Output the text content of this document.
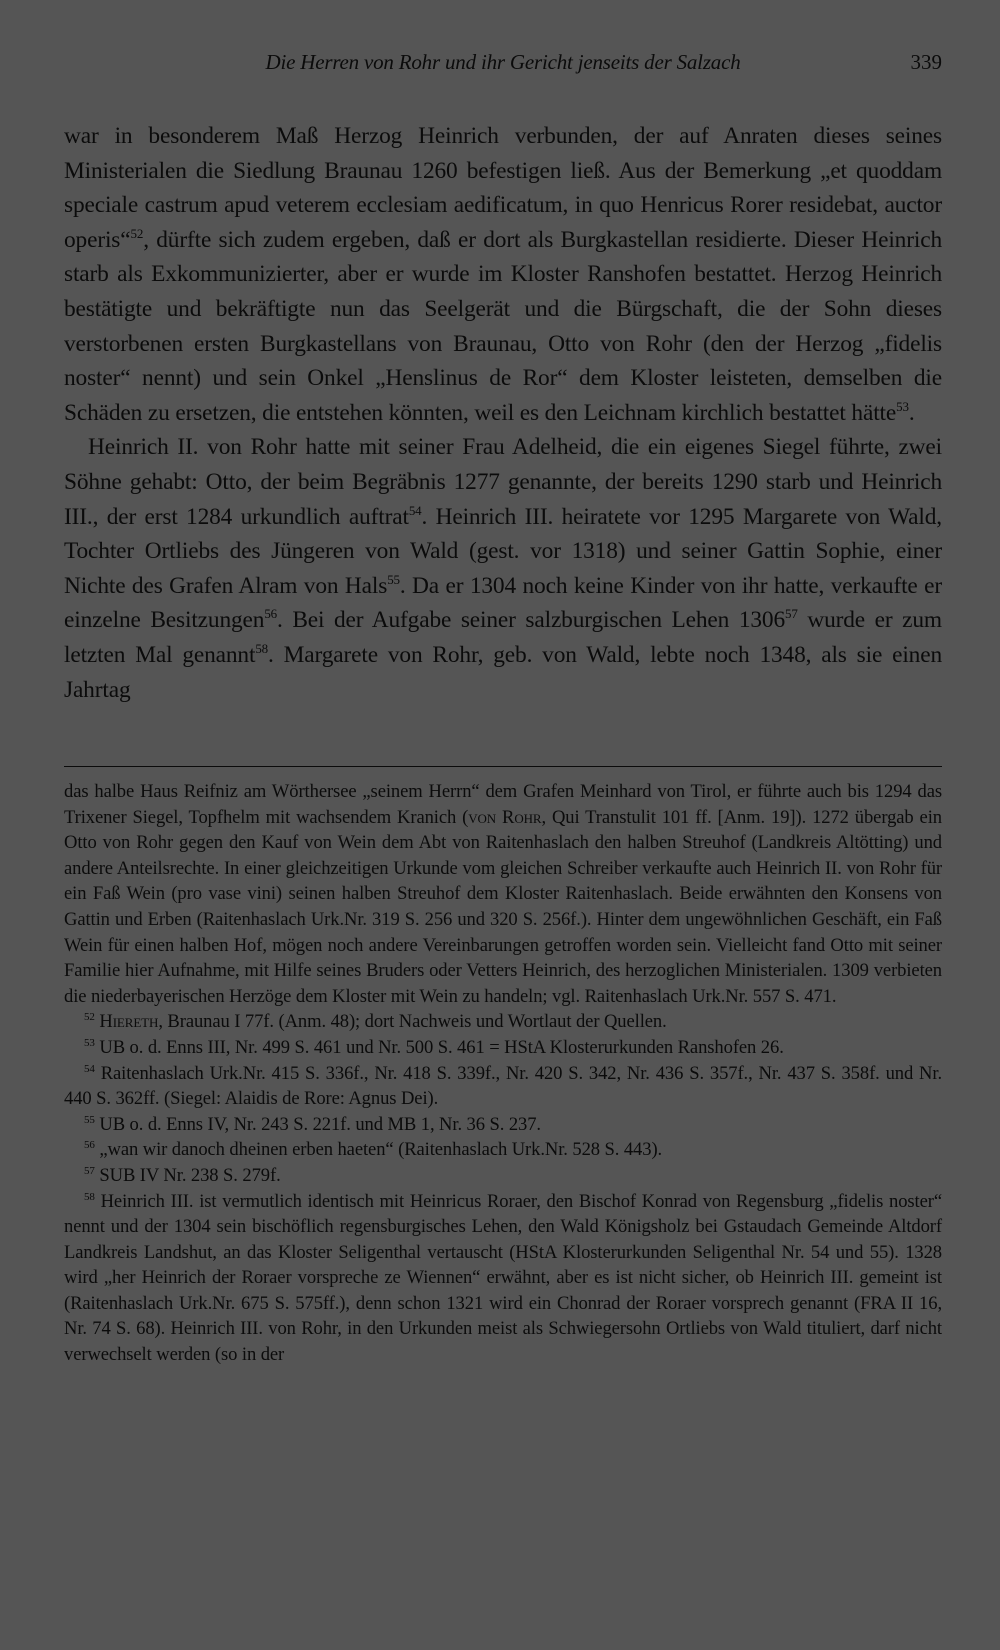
Die Herren von Rohr und ihr Gericht jenseits der Salzach	339

war in besonderem Maß Herzog Heinrich verbunden, der auf Anraten dieses seines Ministerialen die Siedlung Braunau 1260 befestigen ließ. Aus der Bemerkung „et quoddam speciale castrum apud veterem ecclesiam aedificatum, in quo Henricus Rorer residebat, auctor operis“$^{52}$, dürfte sich zudem ergeben, daß er dort als Burgkastellan residierte. Dieser Heinrich starb als Exkommunizierter, aber er wurde im Kloster Ranshofen bestattet. Herzog Heinrich bestätigte und bekräftigte nun das Seelgerät und die Bürgschaft, die der Sohn dieses verstorbenen ersten Burgkastellans von Braunau, Otto von Rohr (den der Herzog „fidelis noster“ nennt) und sein Onkel „Henslinus de Ror“ dem Kloster leisteten, demselben die Schäden zu ersetzen, die entstehen könnten, weil es den Leichnam kirchlich bestattet hätte$^{53}$.

Heinrich II. von Rohr hatte mit seiner Frau Adelheid, die ein eigenes Siegel führte, zwei Söhne gehabt: Otto, der beim Begräbnis 1277 genannte, der bereits 1290 starb und Heinrich III., der erst 1284 urkundlich auftrat$^{54}$. Heinrich III. heiratete vor 1295 Margarete von Wald, Tochter Ortliebs des Jüngeren von Wald (gest. vor 1318) und seiner Gattin Sophie, einer Nichte des Grafen Alram von Hals$^{55}$. Da er 1304 noch keine Kinder von ihr hatte, verkaufte er einzelne Besitzungen$^{56}$. Bei der Aufgabe seiner salzburgischen Lehen 1306$^{57}$ wurde er zum letzten Mal genannt$^{58}$. Margarete von Rohr, geb. von Wald, lebte noch 1348, als sie einen Jahrtag

das halbe Haus Reifniz am Wörthersee „seinem Herrn“ dem Grafen Meinhard von Tirol, er führte auch bis 1294 das Trixener Siegel, Topfhelm mit wachsendem Kranich (von Rohr, Qui Transtulit 101 ff. [Anm. 19]). 1272 übergab ein Otto von Rohr gegen den Kauf von Wein dem Abt von Raitenhaslach den halben Streuhof (Landkreis Altötting) und andere Anteilsrechte. In einer gleichzeitigen Urkunde vom gleichen Schreiber verkaufte auch Heinrich II. von Rohr für ein Faß Wein (pro vase vini) seinen halben Streuhof dem Kloster Raitenhaslach. Beide erwähnten den Konsens von Gattin und Erben (Raitenhaslach Urk.Nr. 319 S. 256 und 320 S. 256f.). Hinter dem ungewöhnlichen Geschäft, ein Faß Wein für einen halben Hof, mögen noch andere Vereinbarungen getroffen worden sein. Vielleicht fand Otto mit seiner Familie hier Aufnahme, mit Hilfe seines Bruders oder Vetters Heinrich, des herzoglichen Ministerialen. 1309 verbieten die niederbayerischen Herzöge dem Kloster mit Wein zu handeln; vgl. Raitenhaslach Urk.Nr. 557 S. 471.

$^{52}$ Hiereth, Braunau I 77f. (Anm. 48); dort Nachweis und Wortlaut der Quellen.

$^{53}$ UB o. d. Enns III, Nr. 499 S. 461 und Nr. 500 S. 461 = HStA Klosterurkunden Ranshofen 26.

$^{54}$ Raitenhaslach Urk.Nr. 415 S. 336f., Nr. 418 S. 339f., Nr. 420 S. 342, Nr. 436 S. 357f., Nr. 437 S. 358f. und Nr. 440 S. 362ff. (Siegel: Alaidis de Rore: Agnus Dei).

$^{55}$ UB o. d. Enns IV, Nr. 243 S. 221f. und MB 1, Nr. 36 S. 237.

$^{56}$ „wan wir danoch dheinen erben haeten“ (Raitenhaslach Urk.Nr. 528 S. 443).

$^{57}$ SUB IV Nr. 238 S. 279f.

$^{58}$ Heinrich III. ist vermutlich identisch mit Heinricus Roraer, den Bischof Konrad von Regensburg „fidelis noster“ nennt und der 1304 sein bischöflich regensburgisches Lehen, den Wald Königsholz bei Gstaudach Gemeinde Altdorf Landkreis Landshut, an das Kloster Seligenthal vertauscht (HStA Klosterurkunden Seligenthal Nr. 54 und 55). 1328 wird „her Heinrich der Roraer vorspreche ze Wiennen“ erwähnt, aber es ist nicht sicher, ob Heinrich III. gemeint ist (Raitenhaslach Urk.Nr. 675 S. 575ff.), denn schon 1321 wird ein Chonrad der Roraer vorsprech genannt (FRA II 16, Nr. 74 S. 68). Heinrich III. von Rohr, in den Urkunden meist als Schwiegersohn Ortliebs von Wald tituliert, darf nicht verwechselt werden (so in der
